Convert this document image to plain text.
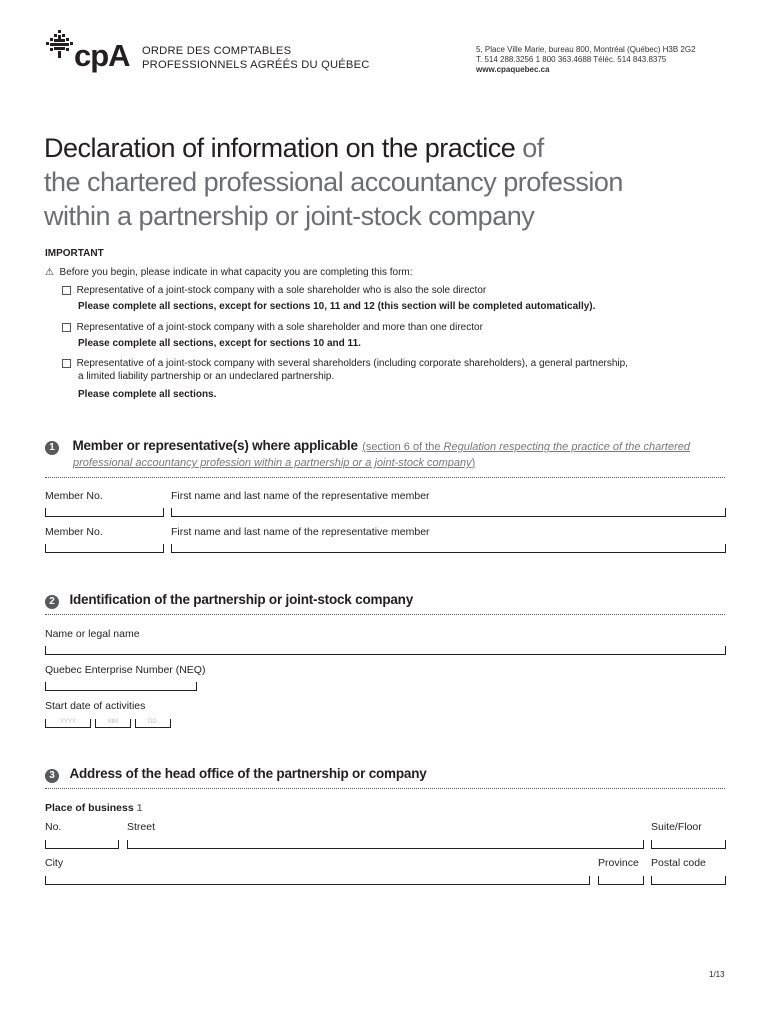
cpA ORDRE DES COMPTABLES
PROFESSIONNELS AGRÉÉS DU QUÉBEC
5, Place Ville Marie, bureau 800, Montréal (Québec) H3B 2G2
T. 514 288.3256 1 800 363.4688 Téléc. 514 843.8375
www.cpaquebec.ca
Declaration of information on the practice of
the chartered professional accountancy profession
within a partnership or joint-stock company
IMPORTANT
⚠ Before you begin, please indicate in what capacity you are completing this form:
Representative of a joint-stock company with a sole shareholder who is also the sole director
Please complete all sections, except for sections 10, 11 and 12 (this section will be completed automatically).
Representative of a joint-stock company with a sole shareholder and more than one director
Please complete all sections, except for sections 10 and 11.
Representative of a joint-stock company with several shareholders (including corporate shareholders), a general partnership,
a limited liability partnership or an undeclared partnership.
Please complete all sections.
1 Member or representative(s) where applicable (section 6 of the Regulation respecting the practice of the chartered
professional accountancy profession within a partnership or a joint-stock company)
Member No.	First name and last name of the representative member
Member No.	First name and last name of the representative member
2 Identification of the partnership or joint-stock company
Name or legal name
Quebec Enterprise Number (NEQ)
Start date of activities
YYYY	MM	DD
3 Address of the head office of the partnership or company
Place of business 1
No.	Street	Suite/Floor
City	Province Postal code
1/13
